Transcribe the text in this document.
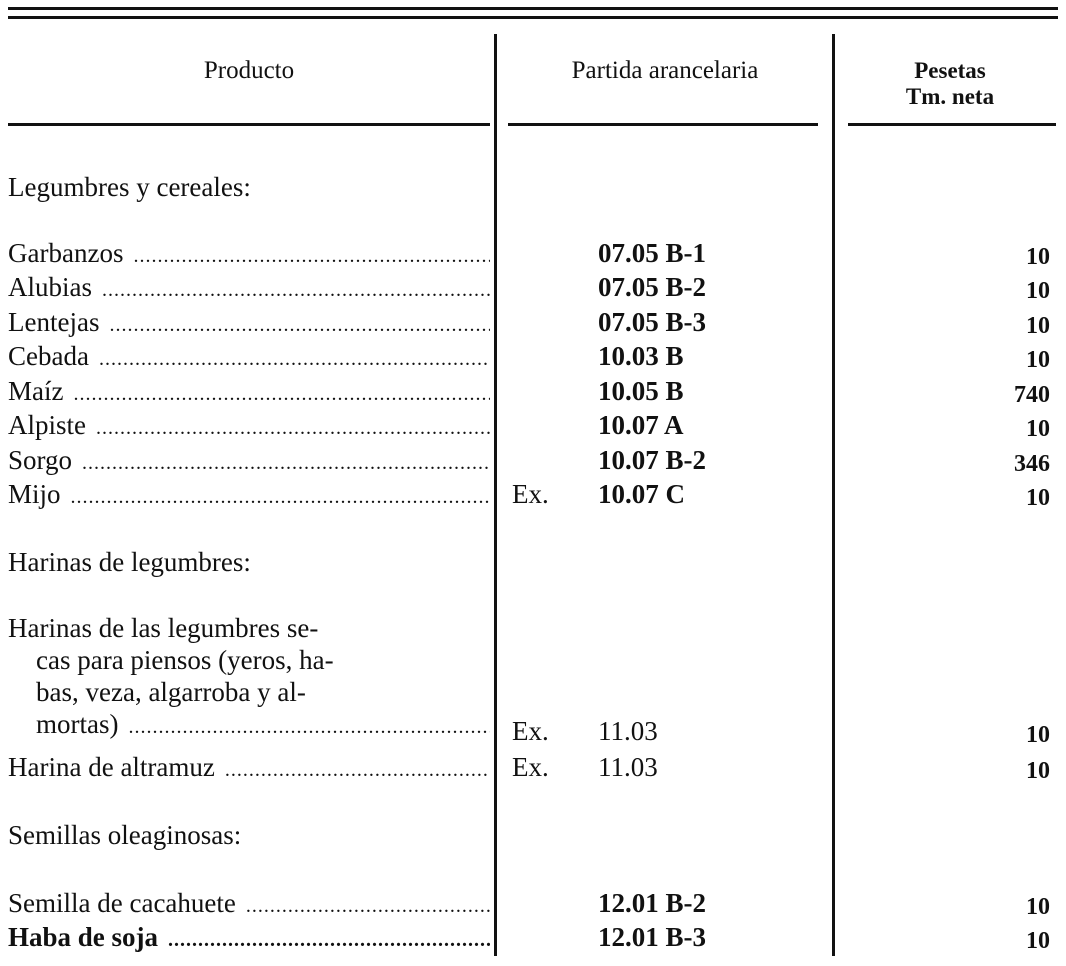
Producto	Partida arancelaria	Pesetas
Tm. neta
Legumbres y cereales:
Garbanzos .....	07.05 B-1	10
Alubias .....	07.05 B-2	10
Lentejas .....	07.05 B-3	10
Cebada .....	10.03 B	10
Maíz .....	10.05 B	740
Alpiste .....	10.07 A	10
Sorgo .....	10.07 B-2	346
Mijo .....	Ex. 10.07 C	10
Harinas de legumbres:
Harinas de las legumbres se-
cas para piensos (yeros, ha-
bas, veza, algarroba y al-
mortas) .....	Ex. 11.03	10
Harina de altramuz .....	Ex. 11.03	10
Semillas oleaginosas:
Semilla de cacahuete .....	12.01 B-2	10
Haba de soja .....	12.01 B-3	10
